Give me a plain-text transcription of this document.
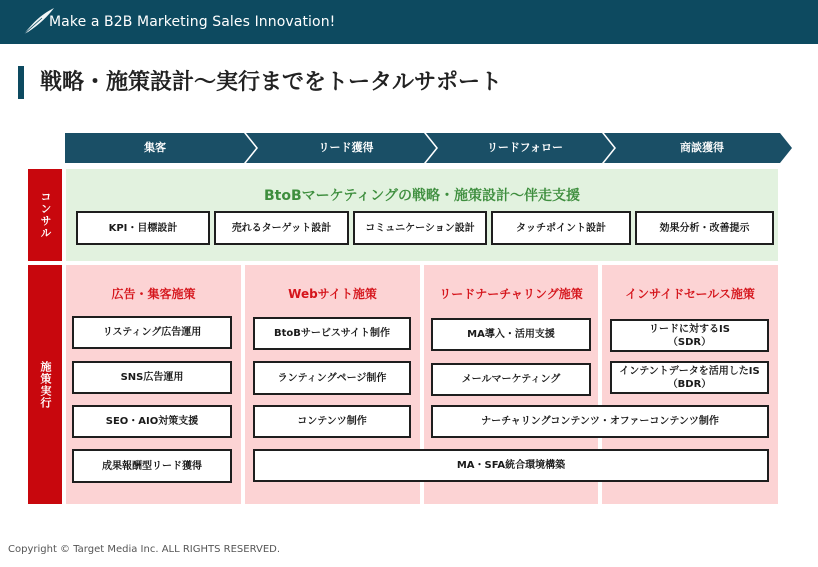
Make a B2B Marketing Sales Innovation!
戦略・施策設計〜実行までをトータルサポート
集客	リード獲得	リードフォロー	商談獲得
コンサル	BtoBマーケティングの戦略・施策設計〜伴走支援
KPI・目標設計	売れるターゲット設計	コミュニケーション設計	タッチポイント設計	効果分析・改善提示
施策実行
広告・集客施策	Webサイト施策	リードナーチャリング施策	インサイドセールス施策
リスティング広告運用
SNS広告運用
SEO・AIO対策支援
成果報酬型リード獲得
BtoBサービスサイト制作
ランティングページ制作
コンテンツ制作
MA導入・活用支援
メールマーケティング
リードに対するIS
（SDR）
インテントデータを活用したIS
（BDR）
ナーチャリングコンテンツ・オファーコンテンツ制作
MA・SFA統合環境構築
Copyright © Target Media Inc. ALL RIGHTS RESERVED.
